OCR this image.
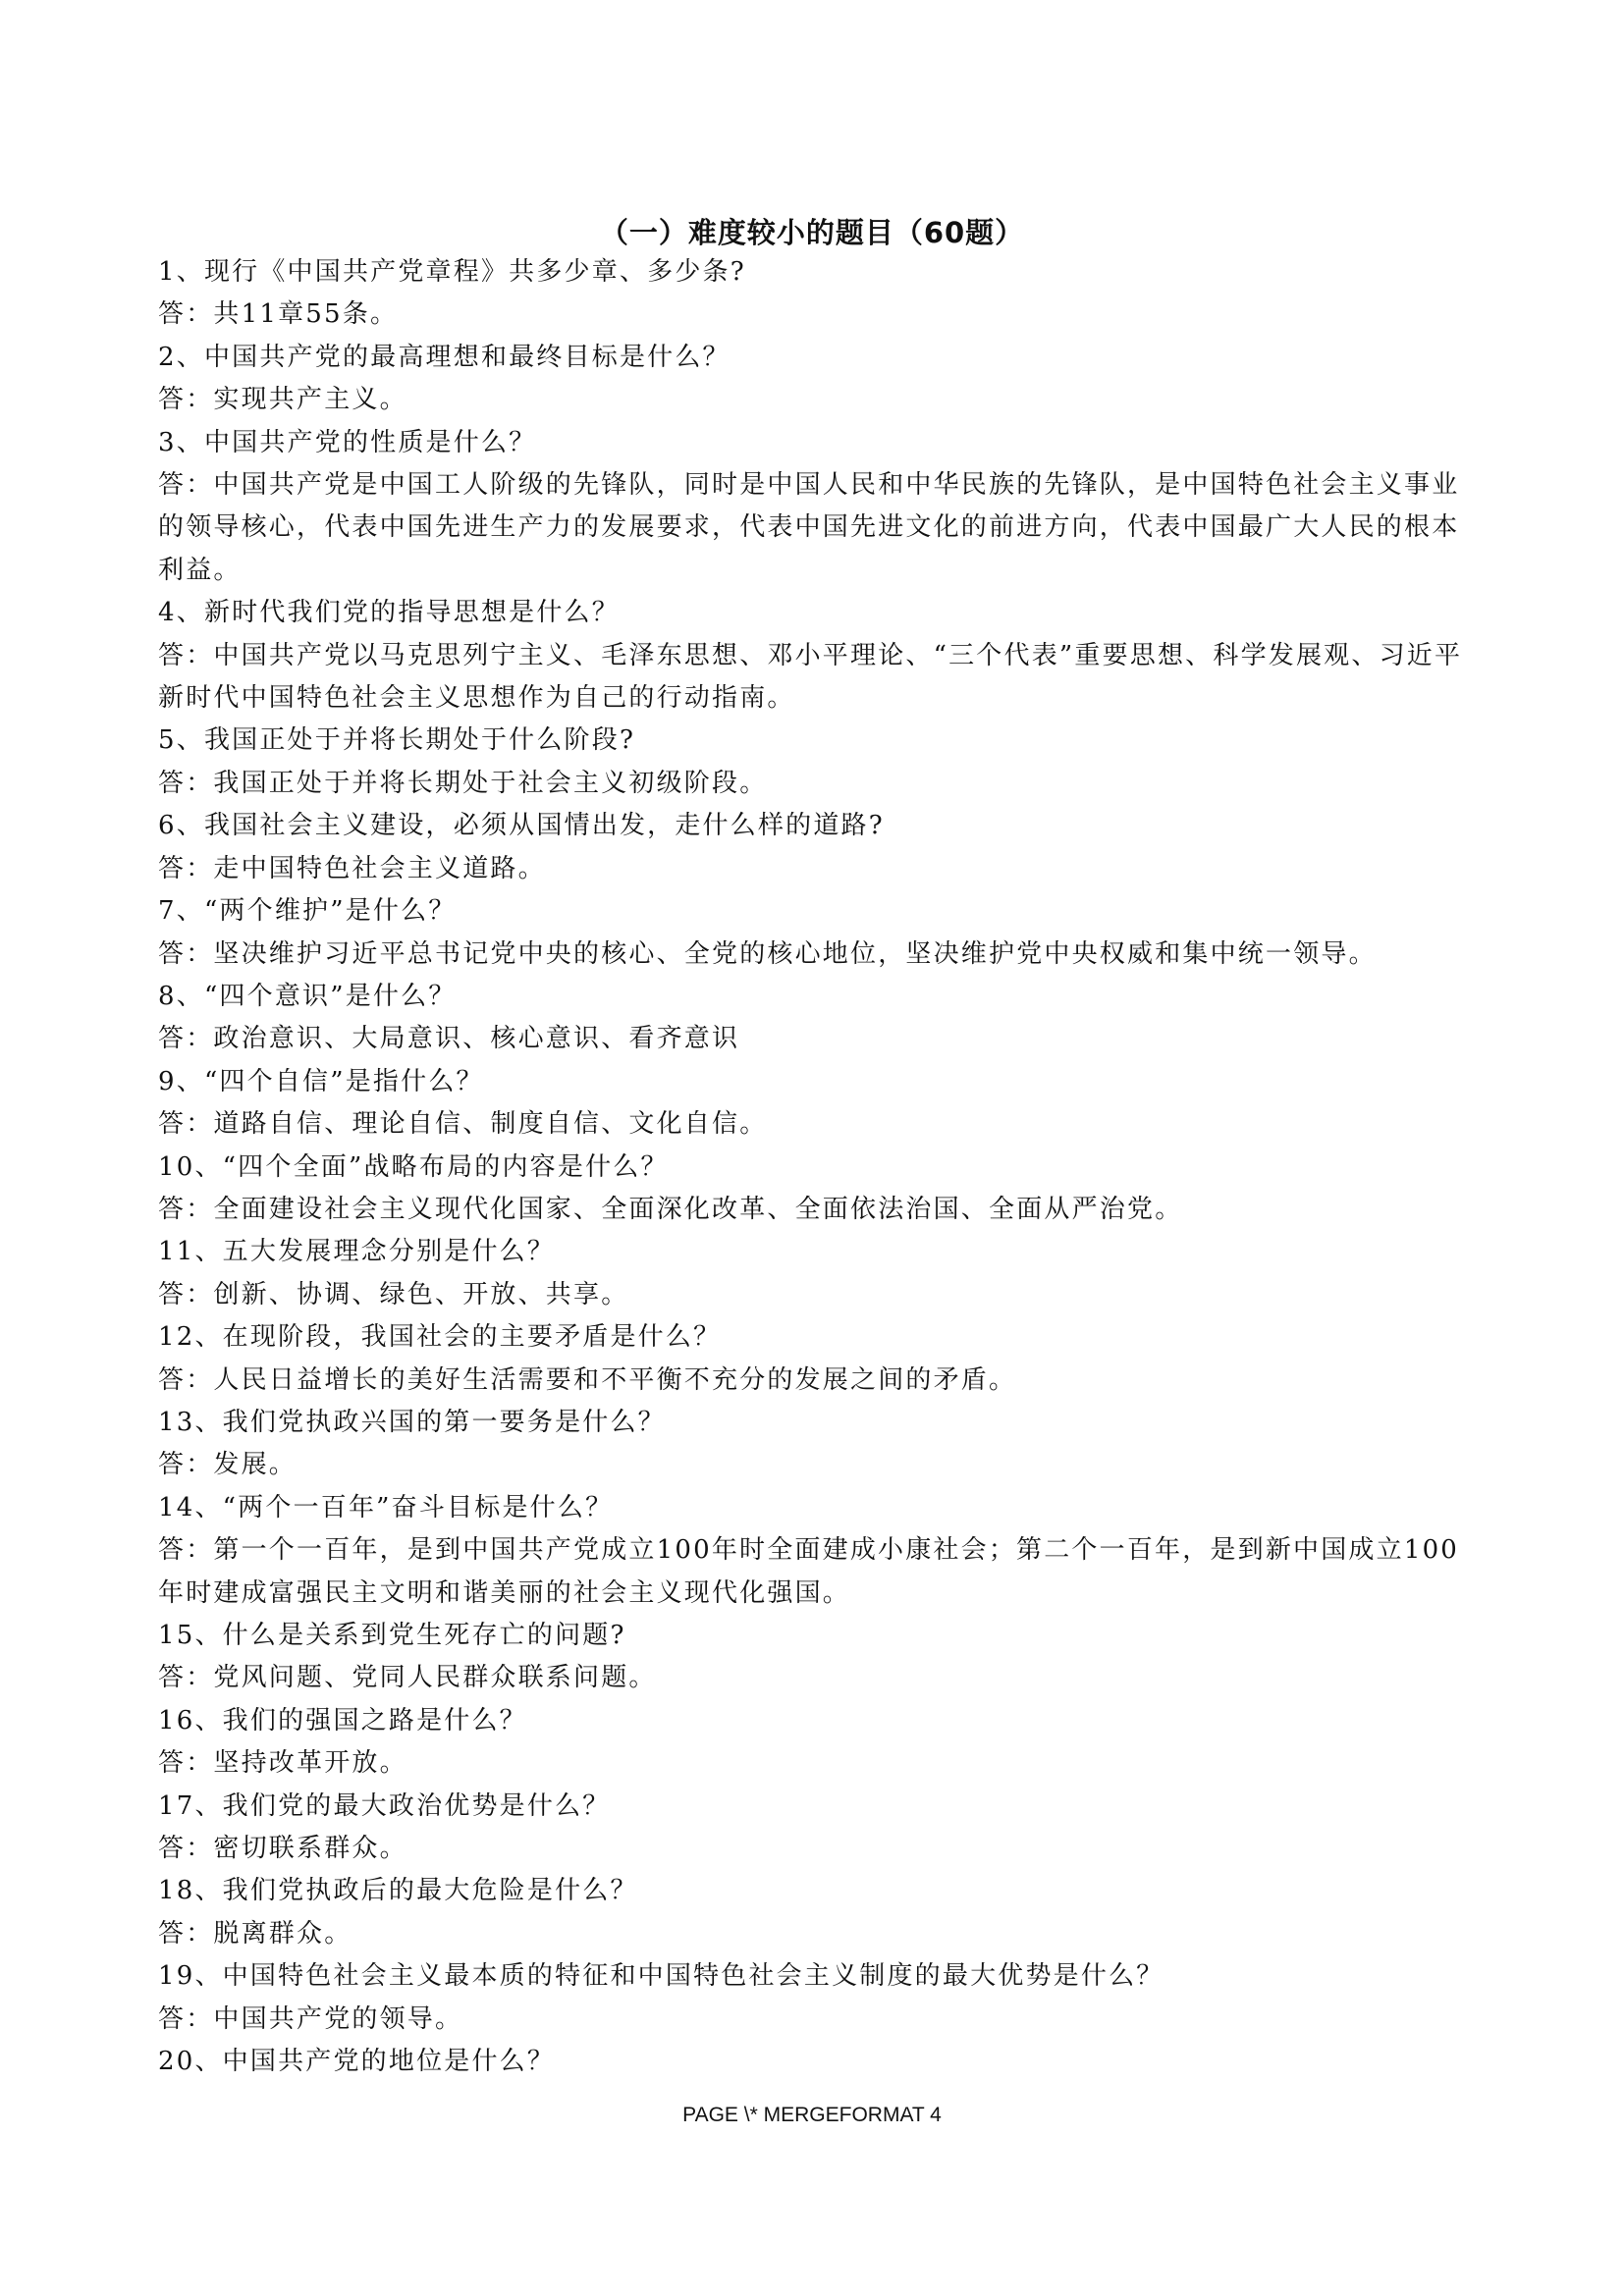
（一）难度较小的题目（60题）

1、现行《中国共产党章程》共多少章、多少条?

答：共11章55条。

2、中国共产党的最高理想和最终目标是什么？

答：实现共产主义。

3、中国共产党的性质是什么？

答：中国共产党是中国工人阶级的先锋队，同时是中国人民和中华民族的先锋队，是中国特色社会主义事业的领导核心，代表中国先进生产力的发展要求，代表中国先进文化的前进方向，代表中国最广大人民的根本利益。

4、新时代我们党的指导思想是什么？

答：中国共产党以马克思列宁主义、毛泽东思想、邓小平理论、“三个代表”重要思想、科学发展观、习近平新时代中国特色社会主义思想作为自己的行动指南。

5、我国正处于并将长期处于什么阶段?

答：我国正处于并将长期处于社会主义初级阶段。

6、我国社会主义建设，必须从国情出发，走什么样的道路?

答：走中国特色社会主义道路。

7、“两个维护”是什么？

答：坚决维护习近平总书记党中央的核心、全党的核心地位，坚决维护党中央权威和集中统一领导。

8、“四个意识”是什么？

答：政治意识、大局意识、核心意识、看齐意识

9、“四个自信”是指什么？

答：道路自信、理论自信、制度自信、文化自信。

10、“四个全面”战略布局的内容是什么？

答：全面建设社会主义现代化国家、全面深化改革、全面依法治国、全面从严治党。

11、五大发展理念分别是什么？

答：创新、协调、绿色、开放、共享。

12、在现阶段，我国社会的主要矛盾是什么？

答：人民日益增长的美好生活需要和不平衡不充分的发展之间的矛盾。

13、我们党执政兴国的第一要务是什么？

答：发展。

14、“两个一百年”奋斗目标是什么？

答：第一个一百年，是到中国共产党成立100年时全面建成小康社会；第二个一百年，是到新中国成立100年时建成富强民主文明和谐美丽的社会主义现代化强国。

15、什么是关系到党生死存亡的问题?

答：党风问题、党同人民群众联系问题。

16、我们的强国之路是什么？

答：坚持改革开放。

17、我们党的最大政治优势是什么？

答：密切联系群众。

18、我们党执政后的最大危险是什么？

答：脱离群众。

19、中国特色社会主义最本质的特征和中国特色社会主义制度的最大优势是什么？

答：中国共产党的领导。

20、中国共产党的地位是什么？

PAGE \* MERGEFORMAT 4
